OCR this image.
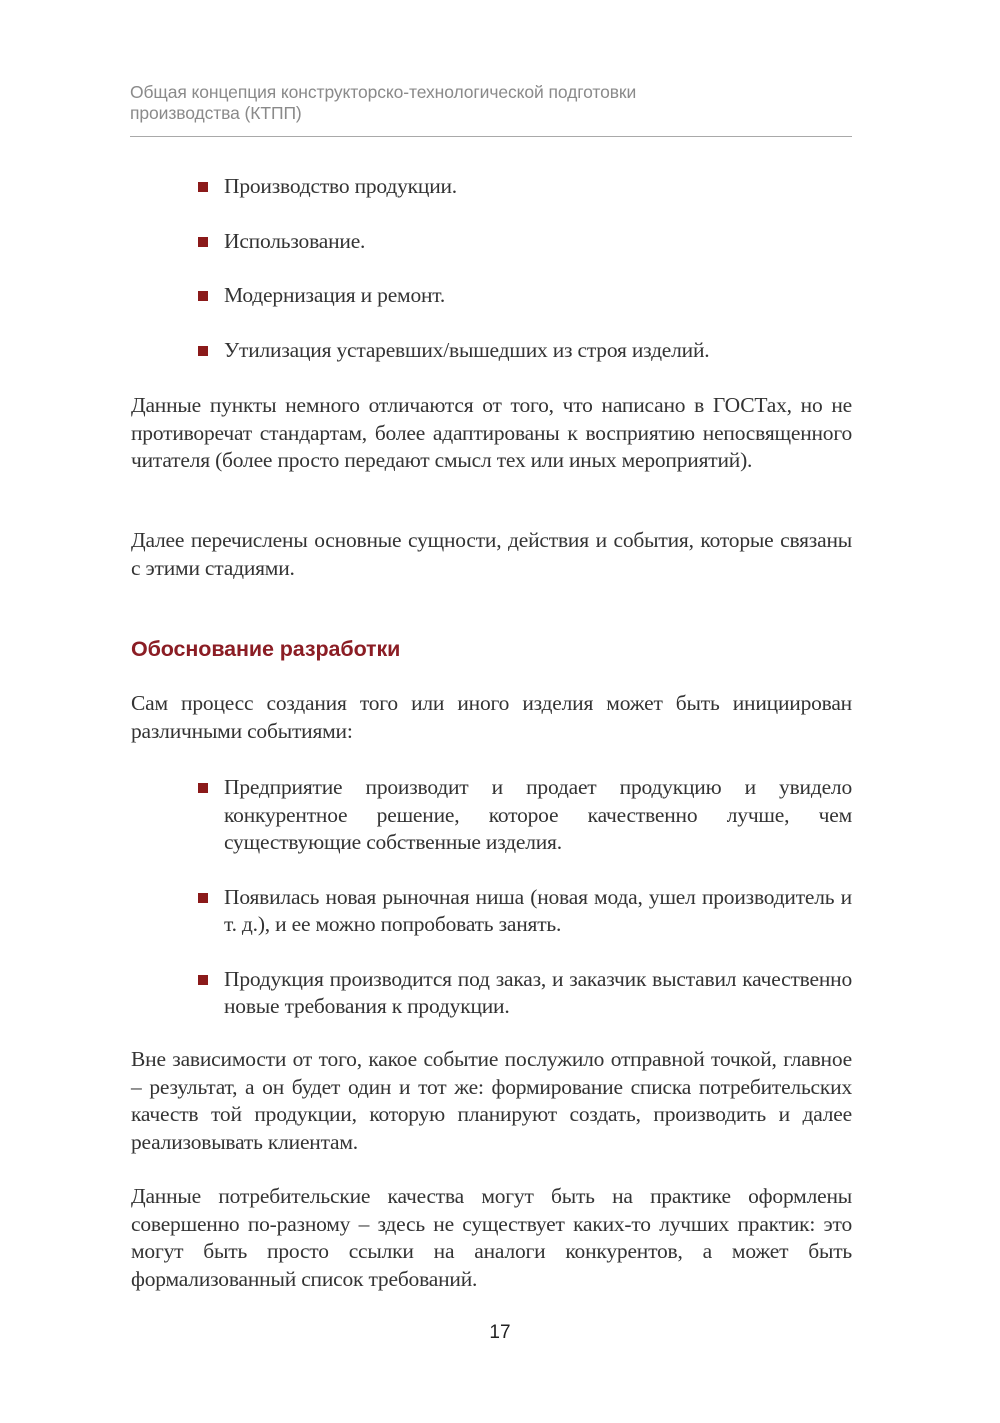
Общая концепция конструкторско-технологической подготовки
производства (КТПП)
Производство продукции.
Использование.
Модернизация и ремонт.
Утилизация устаревших/вышедших из строя изделий.

Данные пункты немного отличаются от того, что написано в ГОСТах, но не противоречат стандартам, более адаптированы к восприятию непосвященного читателя (более просто передают смысл тех или иных мероприятий).

Далее перечислены основные сущности, действия и события, которые связаны с этими стадиями.

Обоснование разработки

Сам процесс создания того или иного изделия может быть инициирован различными событиями:

Предприятие производит и продает продукцию и увидело конкурентное решение, которое качественно лучше, чем существующие собственные изделия.
Появилась новая рыночная ниша (новая мода, ушел производитель и т. д.), и ее можно попробовать занять.
Продукция производится под заказ, и заказчик выставил качественно новые требования к продукции.

Вне зависимости от того, какое событие послужило отправной точкой, главное – результат, а он будет один и тот же: формирование списка потребительских качеств той продукции, которую планируют создать, производить и далее реализовывать клиентам.

Данные потребительские качества могут быть на практике оформлены совершенно по-разному – здесь не существует каких-то лучших практик: это могут быть просто ссылки на аналоги конкурентов, а может быть формализованный список требований.

17
